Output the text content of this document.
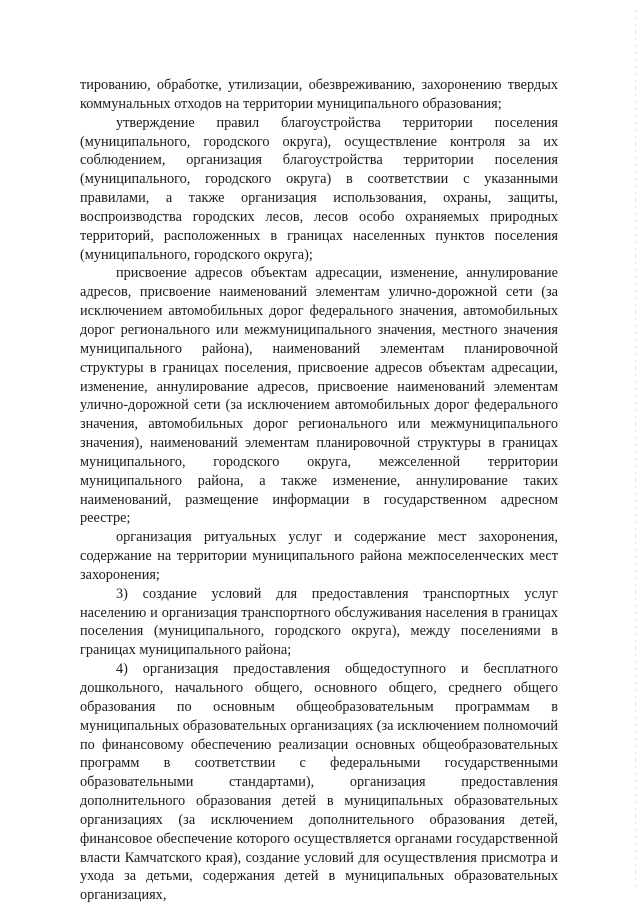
тированию, обработке, утилизации, обезвреживанию, захоронению твердых коммунальных отходов на территории муниципального образования;

утверждение правил благоустройства территории поселения (муниципального, городского округа), осуществление контроля за их соблюдением, организация благоустройства территории поселения (муниципального, городского округа) в соответствии с указанными правилами, а также организация использования, охраны, защиты, воспроизводства городских лесов, лесов особо охраняемых природных территорий, расположенных в границах населенных пунктов поселения (муниципального, городского округа);

присвоение адресов объектам адресации, изменение, аннулирование адресов, присвоение наименований элементам улично-дорожной сети (за исключением автомобильных дорог федерального значения, автомобильных дорог регионального или межмуниципального значения, местного значения муниципального района), наименований элементам планировочной структуры в границах поселения, присвоение адресов объектам адресации, изменение, аннулирование адресов, присвоение наименований элементам улично-дорожной сети (за исключением автомобильных дорог федерального значения, автомобильных дорог регионального или межмуниципального значения), наименований элементам планировочной структуры в границах муниципального, городского округа, межселенной территории муниципального района, а также изменение, аннулирование таких наименований, размещение информации в государственном адресном реестре;

организация ритуальных услуг и содержание мест захоронения, содержание на территории муниципального района межпоселенческих мест захоронения;

3) создание условий для предоставления транспортных услуг населению и организация транспортного обслуживания населения в границах поселения (муниципального, городского округа), между поселениями в границах муниципального района;

4) организация предоставления общедоступного и бесплатного дошкольного, начального общего, основного общего, среднего общего образования по основным общеобразовательным программам в муниципальных образовательных организациях (за исключением полномочий по финансовому обеспечению реализации основных общеобразовательных программ в соответствии с федеральными государственными образовательными стандартами), организация предоставления дополнительного образования детей в муниципальных образовательных организациях (за исключением дополнительного образования детей, финансовое обеспечение которого осуществляется органами государственной власти Камчатского края), создание условий для осуществления присмотра и ухода за детьми, содержания детей в муниципальных образовательных организациях,
